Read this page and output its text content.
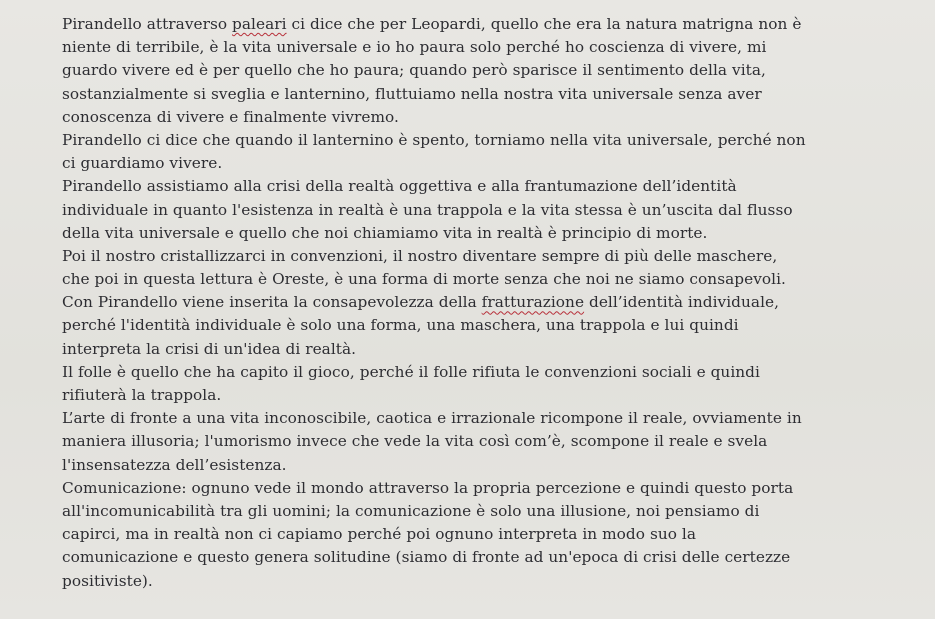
Pirandello attraverso paleari ci dice che per Leopardi, quello che era la natura matrigna non è
niente di terribile, è la vita universale e io ho paura solo perché ho coscienza di vivere, mi
guardo vivere ed è per quello che ho paura; quando però sparisce il sentimento della vita,
sostanzialmente si sveglia e lanternino, fluttuiamo nella nostra vita universale senza aver
conoscenza di vivere e finalmente vivremo.
Pirandello ci dice che quando il lanternino è spento, torniamo nella vita universale, perché non
ci guardiamo vivere.
Pirandello assistiamo alla crisi della realtà oggettiva e alla frantumazione dell’identità
individuale in quanto l'esistenza in realtà è una trappola e la vita stessa è un’uscita dal flusso
della vita universale e quello che noi chiamiamo vita in realtà è principio di morte.
Poi il nostro cristallizzarci in convenzioni, il nostro diventare sempre di più delle maschere,
che poi in questa lettura è Oreste, è una forma di morte senza che noi ne siamo consapevoli.
Con Pirandello viene inserita la consapevolezza della fratturazione dell’identità individuale,
perché l'identità individuale è solo una forma, una maschera, una trappola e lui quindi
interpreta la crisi di un'idea di realtà.
Il folle è quello che ha capito il gioco, perché il folle rifiuta le convenzioni sociali e quindi
rifiuterà la trappola.
L’arte di fronte a una vita inconoscibile, caotica e irrazionale ricompone il reale, ovviamente in
maniera illusoria; l'umorismo invece che vede la vita così com’è, scompone il reale e svela
l'insensatezza dell’esistenza.
Comunicazione: ognuno vede il mondo attraverso la propria percezione e quindi questo porta
all'incomunicabilità tra gli uomini; la comunicazione è solo una illusione, noi pensiamo di
capirci, ma in realtà non ci capiamo perché poi ognuno interpreta in modo suo la
comunicazione e questo genera solitudine (siamo di fronte ad un'epoca di crisi delle certezze
positiviste).
